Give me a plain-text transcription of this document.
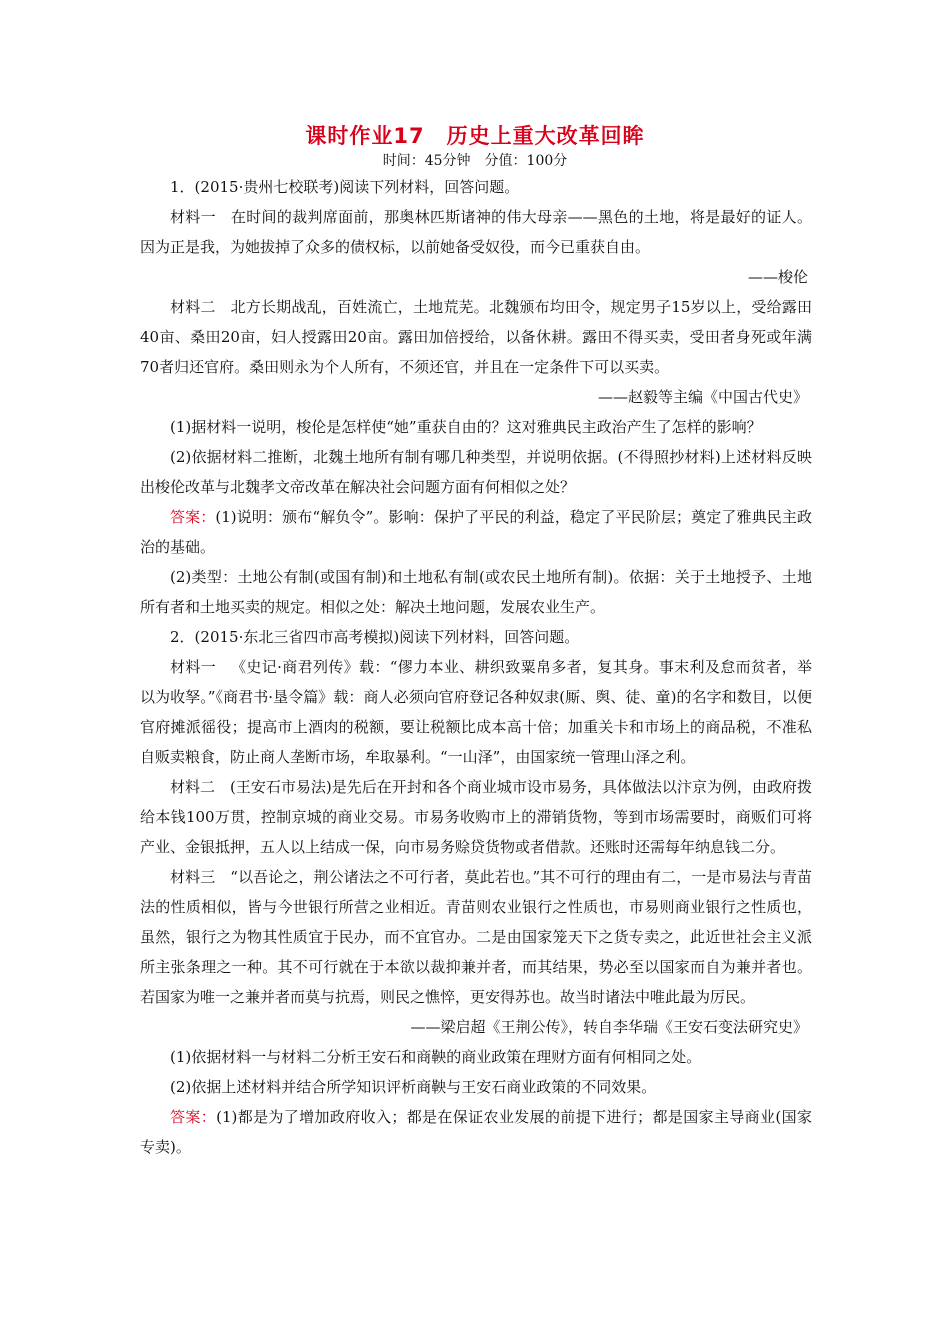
课时作业17　历史上重大改革回眸
时间：45分钟　分值：100分

1．(2015·贵州七校联考)阅读下列材料，回答问题。

材料一 在时间的裁判席面前，那奥林匹斯诸神的伟大母亲——黑色的土地，将是最好的证人。因为正是我，为她拔掉了众多的债权标，以前她备受奴役，而今已重获自由。

——梭伦

材料二 北方长期战乱，百姓流亡，土地荒芜。北魏颁布均田令，规定男子15岁以上，受给露田40亩、桑田20亩，妇人授露田20亩。露田加倍授给，以备休耕。露田不得买卖，受田者身死或年满70者归还官府。桑田则永为个人所有，不须还官，并且在一定条件下可以买卖。

——赵毅等主编《中国古代史》

(1)据材料一说明，梭伦是怎样使“她”重获自由的？这对雅典民主政治产生了怎样的影响？

(2)依据材料二推断，北魏土地所有制有哪几种类型，并说明依据。(不得照抄材料)上述材料反映出梭伦改革与北魏孝文帝改革在解决社会问题方面有何相似之处？

答案：(1)说明：颁布“解负令”。影响：保护了平民的利益，稳定了平民阶层；奠定了雅典民主政治的基础。

(2)类型：土地公有制(或国有制)和土地私有制(或农民土地所有制)。依据：关于土地授予、土地所有者和土地买卖的规定。相似之处：解决土地问题，发展农业生产。

2．(2015·东北三省四市高考模拟)阅读下列材料，回答问题。

材料一 《史记·商君列传》载：“僇力本业、耕织致粟帛多者，复其身。事末利及怠而贫者，举以为收孥。”《商君书·垦令篇》载：商人必须向官府登记各种奴隶(厮、舆、徒、童)的名字和数目，以便官府摊派徭役；提高市上酒肉的税额，要让税额比成本高十倍；加重关卡和市场上的商品税，不准私自贩卖粮食，防止商人垄断市场，牟取暴利。“一山泽”，由国家统一管理山泽之利。

材料二 (王安石市易法)是先后在开封和各个商业城市设市易务，具体做法以汴京为例，由政府拨给本钱100万贯，控制京城的商业交易。市易务收购市上的滞销货物，等到市场需要时，商贩们可将产业、金银抵押，五人以上结成一保，向市易务赊贷货物或者借款。还账时还需每年纳息钱二分。

材料三 “以吾论之，荆公诸法之不可行者，莫此若也。”其不可行的理由有二，一是市易法与青苗法的性质相似，皆与今世银行所营之业相近。青苗则农业银行之性质也，市易则商业银行之性质也，虽然，银行之为物其性质宜于民办，而不宜官办。二是由国家笼天下之货专卖之，此近世社会主义派所主张条理之一种。其不可行就在于本欲以裁抑兼并者，而其结果，势必至以国家而自为兼并者也。若国家为唯一之兼并者而莫与抗焉，则民之憔悴，更安得苏也。故当时诸法中唯此最为厉民。

——梁启超《王荆公传》，转自李华瑞《王安石变法研究史》

(1)依据材料一与材料二分析王安石和商鞅的商业政策在理财方面有何相同之处。

(2)依据上述材料并结合所学知识评析商鞅与王安石商业政策的不同效果。

答案：(1)都是为了增加政府收入；都是在保证农业发展的前提下进行；都是国家主导商业(国家专卖)。
